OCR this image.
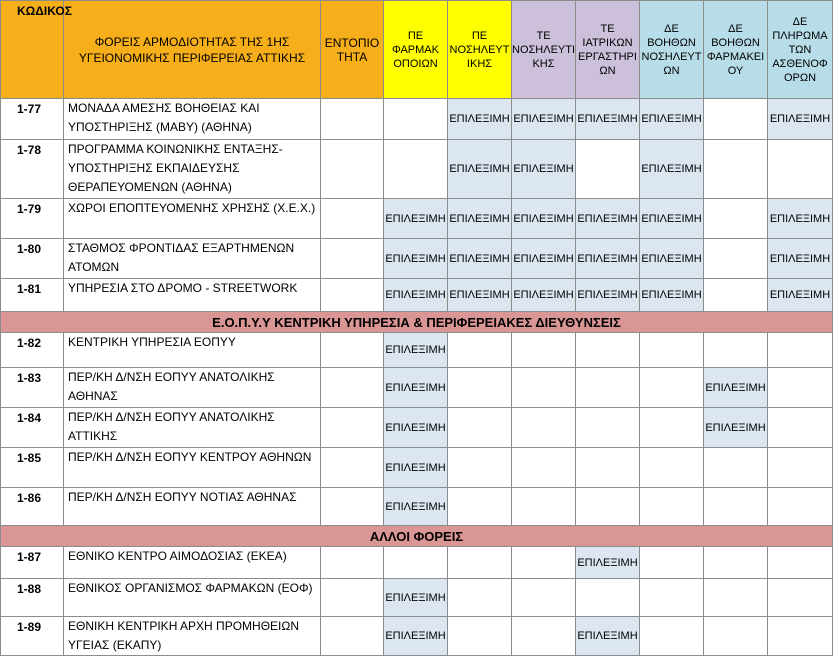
ΚΩΔΙΚΟΣ	ΦΟΡΕΙΣ ΑΡΜΟΔΙΟΤΗΤΑΣ ΤΗΣ 1ΗΣ ΥΓΕΙΟΝΟΜΙΚΗΣ ΠΕΡΙΦΕΡΕΙΑΣ ΑΤΤΙΚΗΣ	ΕΝΤΟΠΙΟ ΤΗΤΑ	ΠΕ ΦΑΡΜΑΚ ΟΠΟΙΩΝ	ΠΕ ΝΟΣΗΛΕΥΤ ΙΚΗΣ	ΤΕ ΝΟΣΗΛΕΥΤΙ ΚΗΣ	ΤΕ ΙΑΤΡΙΚΩΝ ΕΡΓΑΣΤΗΡΙ ΩΝ	ΔΕ ΒΟΗΘΩΝ ΝΟΣΗΛΕΥΤ ΩΝ	ΔΕ ΒΟΗΘΩΝ ΦΑΡΜΑΚΕΙ ΟΥ	ΔΕ ΠΛΗΡΩΜΑ ΤΩΝ ΑΣΘΕΝΟΦ ΟΡΩΝ
1-77	ΜΟΝΑΔΑ ΑΜΕΣΗΣ ΒΟΗΘΕΙΑΣ ΚΑΙ ΥΠΟΣΤΗΡΙΞΗΣ (ΜΑΒΥ) (ΑΘΗΝΑ)			ΕΠΙΛΕΞΙΜΗ	ΕΠΙΛΕΞΙΜΗ	ΕΠΙΛΕΞΙΜΗ	ΕΠΙΛΕΞΙΜΗ		ΕΠΙΛΕΞΙΜΗ
1-78	ΠΡΟΓΡΑΜΜΑ ΚΟΙΝΩΝΙΚΗΣ ΕΝΤΑΞΗΣ-ΥΠΟΣΤΗΡΙΞΗΣ ΕΚΠΑΙΔΕΥΣΗΣ ΘΕΡΑΠΕΥΟΜΕΝΩΝ (ΑΘΗΝΑ)			ΕΠΙΛΕΞΙΜΗ	ΕΠΙΛΕΞΙΜΗ		ΕΠΙΛΕΞΙΜΗ		
1-79	ΧΩΡΟΙ ΕΠΟΠΤΕΥΟΜΕΝΗΣ ΧΡΗΣΗΣ (Χ.Ε.Χ.)		ΕΠΙΛΕΞΙΜΗ	ΕΠΙΛΕΞΙΜΗ	ΕΠΙΛΕΞΙΜΗ	ΕΠΙΛΕΞΙΜΗ	ΕΠΙΛΕΞΙΜΗ		ΕΠΙΛΕΞΙΜΗ
1-80	ΣΤΑΘΜΟΣ ΦΡΟΝΤΙΔΑΣ ΕΞΑΡΤΗΜΕΝΩΝ ΑΤΟΜΩΝ		ΕΠΙΛΕΞΙΜΗ	ΕΠΙΛΕΞΙΜΗ	ΕΠΙΛΕΞΙΜΗ	ΕΠΙΛΕΞΙΜΗ	ΕΠΙΛΕΞΙΜΗ		ΕΠΙΛΕΞΙΜΗ
1-81	ΥΠΗΡΕΣΙΑ ΣΤΟ ΔΡΟΜΟ - STREETWORK		ΕΠΙΛΕΞΙΜΗ	ΕΠΙΛΕΞΙΜΗ	ΕΠΙΛΕΞΙΜΗ	ΕΠΙΛΕΞΙΜΗ	ΕΠΙΛΕΞΙΜΗ		ΕΠΙΛΕΞΙΜΗ
Ε.Ο.Π.Υ.Υ ΚΕΝΤΡΙΚΗ ΥΠΗΡΕΣΙΑ & ΠΕΡΙΦΕΡΕΙΑΚΕΣ ΔΙΕΥΘΥΝΣΕΙΣ									
1-82	ΚΕΝΤΡΙΚΗ ΥΠΗΡΕΣΙΑ ΕΟΠΥΥ		ΕΠΙΛΕΞΙΜΗ						
1-83	ΠΕΡ/ΚΗ Δ/ΝΣΗ ΕΟΠΥΥ ΑΝΑΤΟΛΙΚΗΣ ΑΘΗΝΑΣ		ΕΠΙΛΕΞΙΜΗ					ΕΠΙΛΕΞΙΜΗ	
1-84	ΠΕΡ/ΚΗ Δ/ΝΣΗ ΕΟΠΥΥ ΑΝΑΤΟΛΙΚΗΣ ΑΤΤΙΚΗΣ		ΕΠΙΛΕΞΙΜΗ					ΕΠΙΛΕΞΙΜΗ	
1-85	ΠΕΡ/ΚΗ Δ/ΝΣΗ ΕΟΠΥΥ ΚΕΝΤΡΟΥ ΑΘΗΝΩΝ		ΕΠΙΛΕΞΙΜΗ						
1-86	ΠΕΡ/ΚΗ Δ/ΝΣΗ ΕΟΠΥΥ ΝΟΤΙΑΣ ΑΘΗΝΑΣ		ΕΠΙΛΕΞΙΜΗ						
ΑΛΛΟΙ ΦΟΡΕΙΣ									
1-87	ΕΘΝΙΚΟ ΚΕΝΤΡΟ ΑΙΜΟΔΟΣΙΑΣ (ΕΚΕΑ)					ΕΠΙΛΕΞΙΜΗ			
1-88	ΕΘΝΙΚΟΣ ΟΡΓΑΝΙΣΜΟΣ ΦΑΡΜΑΚΩΝ (ΕΟΦ)		ΕΠΙΛΕΞΙΜΗ						
1-89	ΕΘΝΙΚΗ ΚΕΝΤΡΙΚΗ ΑΡΧΗ ΠΡΟΜΗΘΕΙΩΝ ΥΓΕΙΑΣ (ΕΚΑΠΥ)		ΕΠΙΛΕΞΙΜΗ			ΕΠΙΛΕΞΙΜΗ			
